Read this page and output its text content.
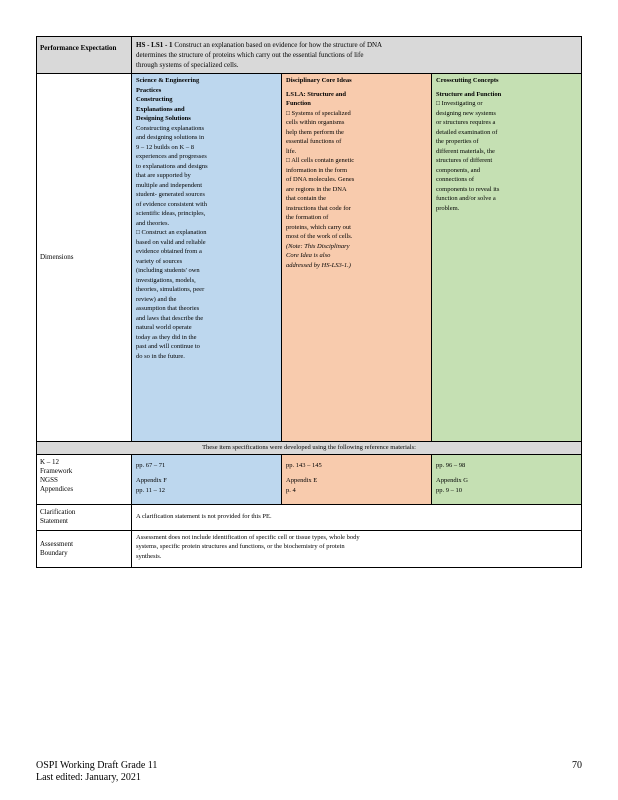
Performance Expectation	HS - LS1 - 1 Construct an explanation based on evidence for how the structure of DNA
determines the structure of proteins which carry out the essential functions of life
through systems of specialized cells.
Dimensions
Science & Engineering
Practices
Constructing
Explanations and
Designing Solutions
Constructing explanations
and designing solutions in
9 – 12 builds on K – 8
experiences and progresses
to explanations and designs
that are supported by
multiple and independent
student- generated sources
of evidence consistent with
scientific ideas, principles,
and theories.
□ Construct an explanation
based on valid and reliable
evidence obtained from a
variety of sources
(including students' own
investigations, models,
theories, simulations, peer
review) and the
assumption that theories
and laws that describe the
natural world operate
today as they did in the
past and will continue to
do so in the future.
Disciplinary Core Ideas
LS1.A: Structure and
Function
□ Systems of specialized
cells within organisms
help them perform the
essential functions of
life.
□ All cells contain genetic
information in the form
of DNA molecules. Genes
are regions in the DNA
that contain the
instructions that code for
the formation of
proteins, which carry out
most of the work of cells.
(Note: This Disciplinary
Core Idea is also
addressed by HS-LS3-1.)
Crosscutting Concepts
Structure and Function
□ Investigating or
designing new systems
or structures requires a
detailed examination of
the properties of
different materials, the
structures of different
components, and
connections of
components to reveal its
function and/or solve a
problem.
These item specifications were developed using the following reference materials:
K – 12
Framework
NGSS
Appendices
pp. 67 – 71
Appendix F
pp. 11 – 12
pp. 143 – 145
Appendix E
p. 4
pp. 96 – 98
Appendix G
pp. 9 – 10
Clarification
Statement	A clarification statement is not provided for this PE.
Assessment
Boundary
Assessment does not include identification of specific cell or tissue types, whole body
systems, specific protein structures and functions, or the biochemistry of protein
synthesis.
OSPI Working Draft Grade 11
Last edited: January, 2021
70
